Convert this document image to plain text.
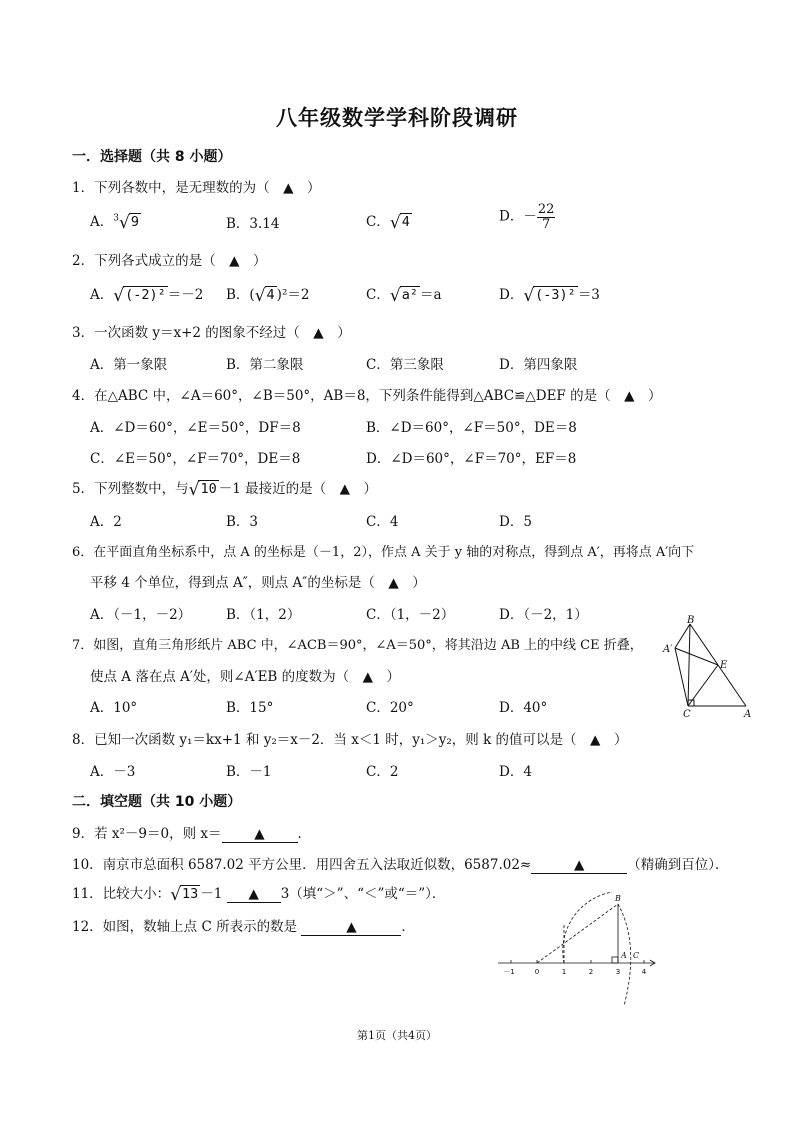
八年级数学学科阶段调研
一．选择题（共 8 小题）
1．下列各数中，是无理数的为（　▲　）
A．$^3$√9	B．3.14	C．√4	D．－ $\frac{22}{7}$
2．下列各式成立的是（　▲　）
A．√(-2)² ＝－2 B．(√4 )²＝2	C．√a² ＝a	D．√(-3)² ＝3
3．一次函数 y＝x+2 的图象不经过（　▲　）
A．第一象限	B．第二象限	C．第三象限	D．第四象限
4．在△ABC 中，∠A＝60°，∠B＝50°，AB＝8，下列条件能得到△ABC≌△DEF 的是（　▲　）
A．∠D＝60°，∠E＝50°，DF＝8	B．∠D＝60°，∠F＝50°，DE＝8
C．∠E＝50°，∠F＝70°，DE＝8	D．∠D＝60°，∠F＝70°，EF＝8
5．下列整数中，与√10 －1 最接近的是（　▲　）
A．2	B．3	C．4	D．5
6．在平面直角坐标系中，点 A 的坐标是（－1，2），作点 A 关于 y 轴的对称点，得到点 A′，再将点 A′向下
平移 4 个单位，得到点 A″，则点 A″的坐标是（　▲　）
A．（－1，－2）	B．（1，2）	C．（1，－2）	D．（－2，1）
7．如图，直角三角形纸片 ABC 中，∠ACB＝90°，∠A＝50°，将其沿边 AB 上的中线 CE 折叠，
使点 A 落在点 A′处，则∠A′EB 的度数为（　▲　）
A．10°	B．15°	C．20°	D．40°
B
A′
E
C	A
8．已知一次函数 y₁＝kx+1 和 y₂＝x－2．当 x＜1 时，y₁＞y₂，则 k 的值可以是（　▲　）
A．－3	B．－1	C．2	D．4
二．填空题（共 10 小题）
9．若 x²－9＝0，则 x＝ ▲ ．
10．南京市总面积 6587.02 平方公里．用四舍五入法取近似数，6587.02≈	▲	（精确到百位）．
11．比较大小：√13 －1 ▲ 3（填“＞”、“＜”或“＝”）．
12．如图，数轴上点 C 所表示的数是	▲	．
－1	0	1	2	3	4
B
A C
第1页（共4页）
